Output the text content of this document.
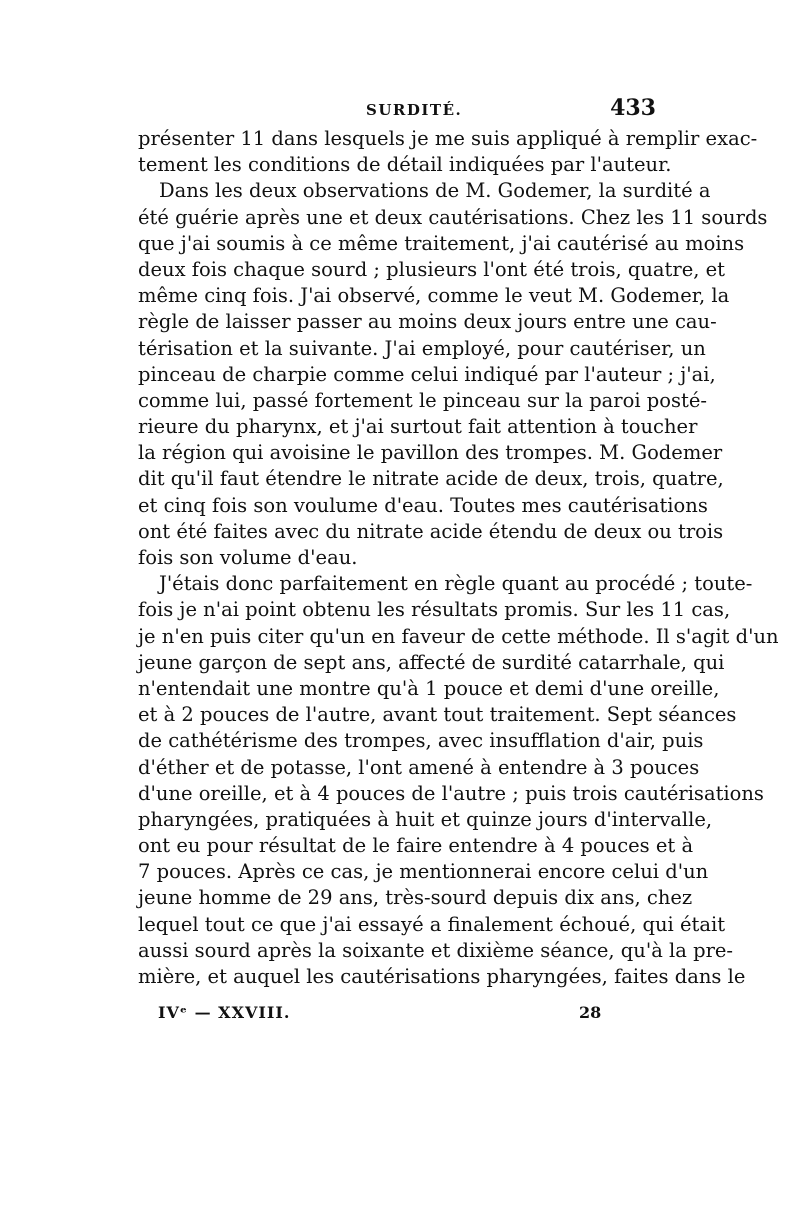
SURDITÉ.	433
présenter 11 dans lesquels je me suis appliqué à remplir exac-
tement les conditions de détail indiquées par l'auteur.
Dans les deux observations de M. Godemer, la surdité a
été guérie après une et deux cautérisations. Chez les 11 sourds
que j'ai soumis à ce même traitement, j'ai cautérisé au moins
deux fois chaque sourd ; plusieurs l'ont été trois, quatre, et
même cinq fois. J'ai observé, comme le veut M. Godemer, la
règle de laisser passer au moins deux jours entre une cau-
térisation et la suivante. J'ai employé, pour cautériser, un
pinceau de charpie comme celui indiqué par l'auteur ; j'ai,
comme lui, passé fortement le pinceau sur la paroi posté-
rieure du pharynx, et j'ai surtout fait attention à toucher
la région qui avoisine le pavillon des trompes. M. Godemer
dit qu'il faut étendre le nitrate acide de deux, trois, quatre,
et cinq fois son voulume d'eau. Toutes mes cautérisations
ont été faites avec du nitrate acide étendu de deux ou trois
fois son volume d'eau.
J'étais donc parfaitement en règle quant au procédé ; toute-
fois je n'ai point obtenu les résultats promis. Sur les 11 cas,
je n'en puis citer qu'un en faveur de cette méthode. Il s'agit d'un
jeune garçon de sept ans, affecté de surdité catarrhale, qui
n'entendait une montre qu'à 1 pouce et demi d'une oreille,
et à 2 pouces de l'autre, avant tout traitement. Sept séances
de cathétérisme des trompes, avec insufflation d'air, puis
d'éther et de potasse, l'ont amené à entendre à 3 pouces
d'une oreille, et à 4 pouces de l'autre ; puis trois cautérisations
pharyngées, pratiquées à huit et quinze jours d'intervalle,
ont eu pour résultat de le faire entendre à 4 pouces et à
7 pouces. Après ce cas, je mentionnerai encore celui d'un
jeune homme de 29 ans, très-sourd depuis dix ans, chez
lequel tout ce que j'ai essayé a finalement échoué, qui était
aussi sourd après la soixante et dixième séance, qu'à la pre-
mière, et auquel les cautérisations pharyngées, faites dans le
IVᵉ — XXVIII.	28
